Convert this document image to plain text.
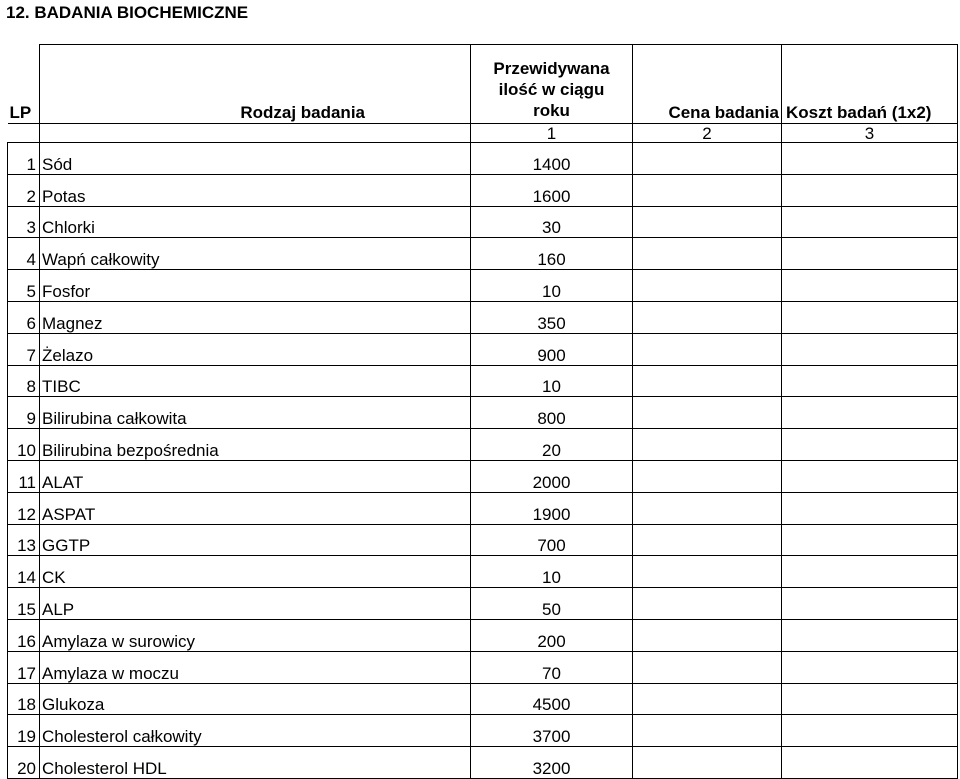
12. BADANIA BIOCHEMICZNE
LP	Rodzaj badania	Przewidywana
ilość w ciągu
roku	Cena badania	Koszt badań (1x2)
		1	2	3
1	Sód	1400		
2	Potas	1600		
3	Chlorki	30		
4	Wapń całkowity	160		
5	Fosfor	10		
6	Magnez	350		
7	Żelazo	900		
8	TIBC	10		
9	Bilirubina całkowita	800		
10	Bilirubina bezpośrednia	20		
11	ALAT	2000		
12	ASPAT	1900		
13	GGTP	700		
14	CK	10		
15	ALP	50		
16	Amylaza w surowicy	200		
17	Amylaza w moczu	70		
18	Glukoza	4500		
19	Cholesterol całkowity	3700		
20	Cholesterol HDL	3200		
